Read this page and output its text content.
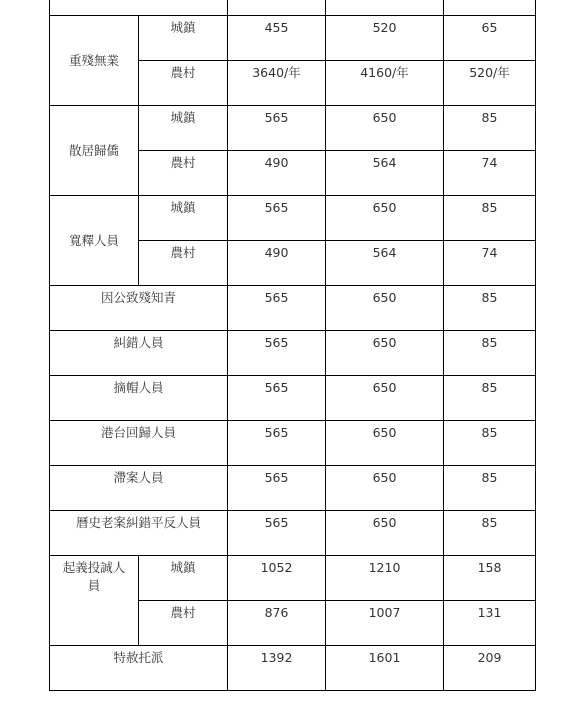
重殘無業	城鎮	455	520	65

	農村	3640/年	4160/年	520/年

散居歸僑	城鎮	565	650	85

	農村	490	564	74

寬釋人員	城鎮	565	650	85

	農村	490	564	74

因公致殘知青		565	650	85

糾錯人員		565	650	85

摘帽人員		565	650	85

港台回歸人員		565	650	85

滯案人員		565	650	85

曆史老案糾錯平反人員		565	650	85

起義投誠人員	城鎮	1052	1210	158

	農村	876	1007	131

特赦托派		1392	1601	209
